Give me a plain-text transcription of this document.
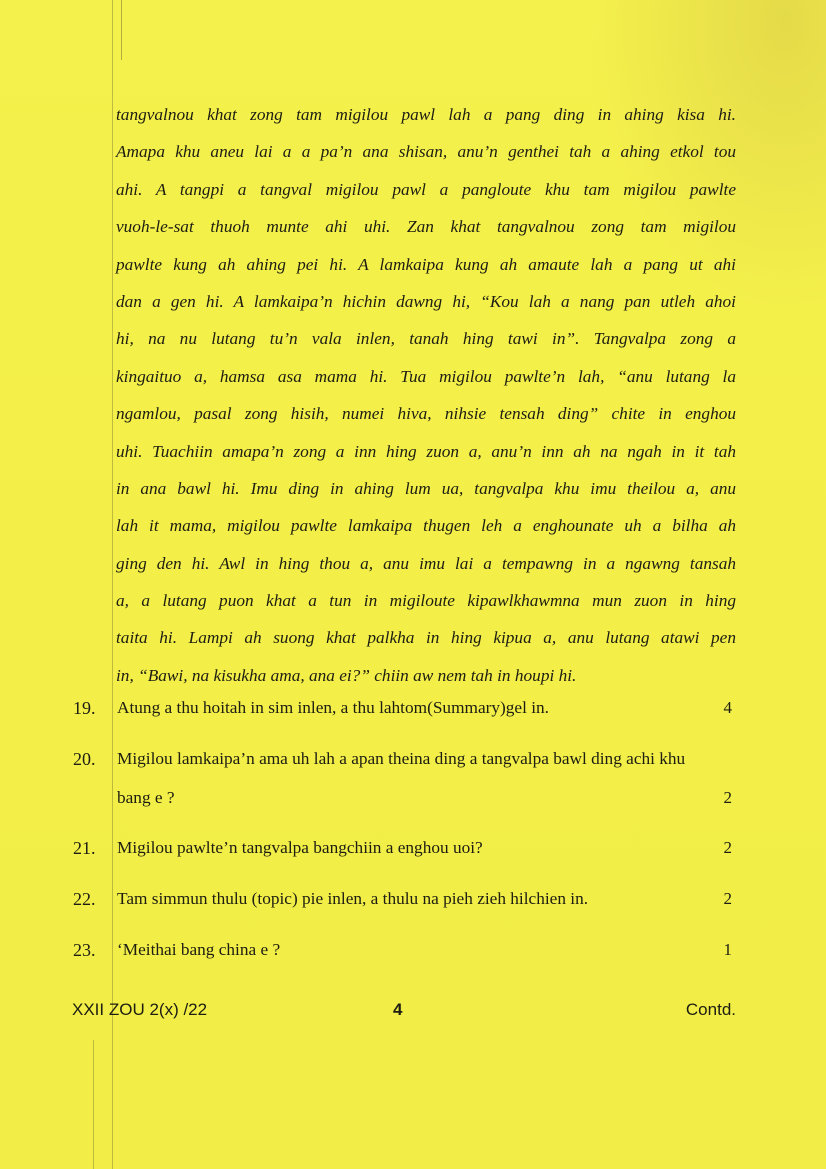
tangvalnou khat zong tam migilou pawl lah a pang ding in ahing kisa hi.
Amapa khu aneu lai a a pa’n ana shisan, anu’n genthei tah a ahing etkol tou
ahi. A tangpi a tangval migilou pawl a pangloute khu tam migilou pawlte
vuoh-le-sat thuoh munte ahi uhi. Zan khat tangvalnou zong tam migilou
pawlte kung ah ahing pei hi. A lamkaipa kung ah amaute lah a pang ut ahi
dan a gen hi. A lamkaipa’n hichin dawng hi, “Kou lah a nang pan utleh ahoi
hi, na nu lutang tu’n vala inlen, tanah hing tawi in”. Tangvalpa zong a
kingaituo a, hamsa asa mama hi. Tua migilou pawlte’n lah, “anu lutang la
ngamlou, pasal zong hisih, numei hiva, nihsie tensah ding” chite in enghou
uhi. Tuachiin amapa’n zong a inn hing zuon a, anu’n inn ah na ngah in it tah
in ana bawl hi. Imu ding in ahing lum ua, tangvalpa khu imu theilou a, anu
lah it mama, migilou pawlte lamkaipa thugen leh a enghounate uh a bilha ah
ging den hi. Awl in hing thou a, anu imu lai a tempawng in a ngawng tansah
a, a lutang puon khat a tun in migiloute kipawlkhawmna mun zuon in hing
taita hi. Lampi ah suong khat palkha in hing kipua a, anu lutang atawi pen
in, “Bawi, na kisukha ama, ana ei?” chiin aw nem tah in houpi hi.
19. Atung a thu hoitah in sim inlen, a thu lahtom(Summary)gel in.	4
20. Migilou lamkaipa’n ama uh lah a apan theina ding a tangvalpa bawl ding achi khu
bang e ?	2
21. Migilou pawlte’n tangvalpa bangchiin a enghou uoi?	2
22. Tam simmun thulu (topic) pie inlen, a thulu na pieh zieh hilchien in.	2
23. ‘Meithai bang china e ?	1
XXII ZOU 2(x) /22	4	Contd.
